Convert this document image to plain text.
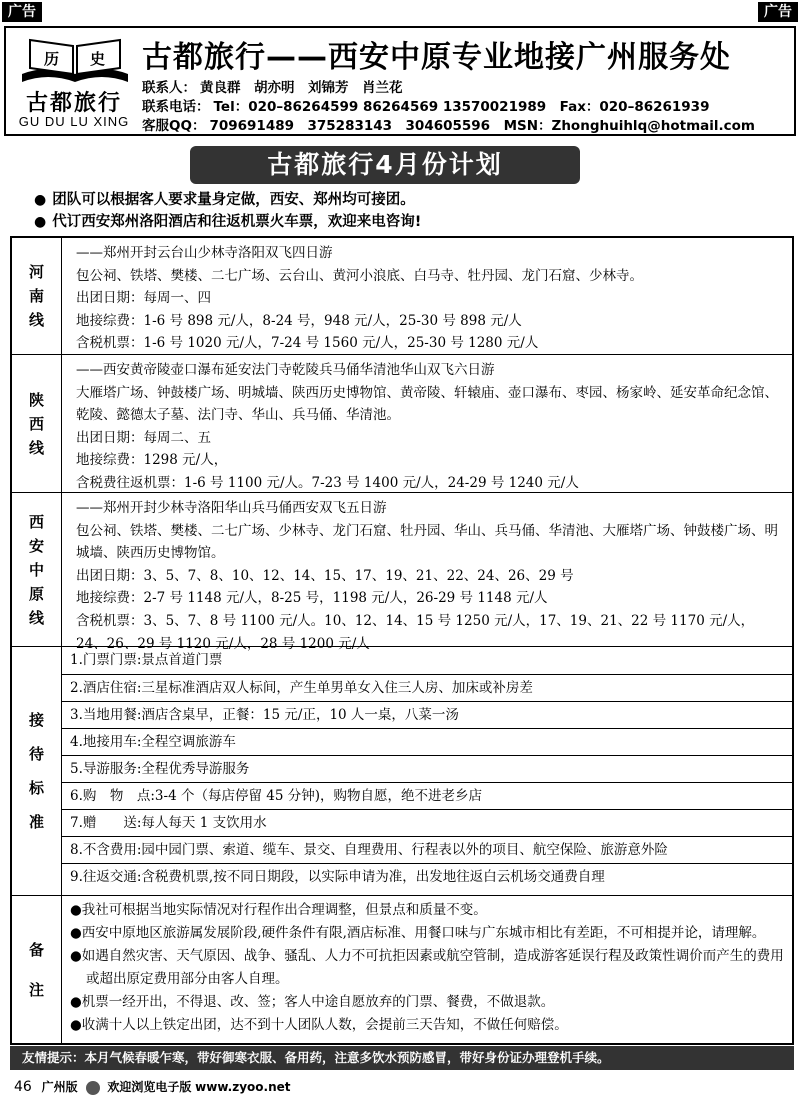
广告	广告
历 史
古都旅行
GU DU LU XING
古都旅行——西安中原专业地接广州服务处
联系人： 黄良群　胡亦明　刘锦芳　肖兰花
联系电话： Tel：020–86264599 86264569 13570021989　Fax：020–86261939
客服QQ： 709691489　375283143　304605596　MSN：Zhonghuihlq@hotmail.com
古都旅行4月份计划
● 团队可以根据客人要求量身定做，西安、郑州均可接团。
● 代订西安郑州洛阳酒店和往返机票火车票，欢迎来电咨询!
河
南
线
——郑州开封云台山少林寺洛阳双飞四日游
包公祠、铁塔、樊楼、二七广场、云台山、黄河小浪底、白马寺、牡丹园、龙门石窟、少林寺。
出团日期：每周一、四
地接综费：1-6 号 898 元/人，8-24 号，948 元/人，25-30 号 898 元/人
含税机票：1-6 号 1020 元/人，7-24 号 1560 元/人，25-30 号 1280 元/人
陕
西
线
——西安黄帝陵壶口瀑布延安法门寺乾陵兵马俑华清池华山双飞六日游
大雁塔广场、钟鼓楼广场、明城墙、陕西历史博物馆、黄帝陵、轩辕庙、壶口瀑布、枣园、杨家岭、延安革命纪念馆、乾陵、懿德太子墓、法门寺、华山、兵马俑、华清池。
出团日期：每周二、五
地接综费：1298 元/人，
含税费往返机票：1-6 号 1100 元/人。7-23 号 1400 元/人，24-29 号 1240 元/人
西
安
中
原
线
——郑州开封少林寺洛阳华山兵马俑西安双飞五日游
包公祠、铁塔、樊楼、二七广场、少林寺、龙门石窟、牡丹园、华山、兵马俑、华清池、大雁塔广场、钟鼓楼广场、明城墙、陕西历史博物馆。
出团日期：3、5、7、8、10、12、14、15、17、19、21、22、24、26、29 号
地接综费：2-7 号 1148 元/人，8-25 号，1198 元/人，26-29 号 1148 元/人
含税机票：3、5、7、8 号 1100 元/人。10、12、14、15 号 1250 元/人，17、19、21、22 号 1170 元/人，24、26、29 号 1120 元/人，28 号 1200 元/人
接
待
标
准
1.门票门票:景点首道门票
2.酒店住宿:三星标准酒店双人标间，产生单男单女入住三人房、加床或补房差
3.当地用餐:酒店含桌早，正餐：15 元/正，10 人一桌，八菜一汤
4.地接用车:全程空调旅游车
5.导游服务:全程优秀导游服务
6.购　物　点:3-4 个（每店停留 45 分钟)，购物自愿，绝不进老乡店
7.赠　　送:每人每天 1 支饮用水
8.不含费用:园中园门票、索道、缆车、景交、自理费用、行程表以外的项目、航空保险、旅游意外险
9.往返交通:含税费机票,按不同日期段，以实际申请为准，出发地往返白云机场交通费自理
备
注
●我社可根据当地实际情况对行程作出合理调整，但景点和质量不变。
●西安中原地区旅游属发展阶段,硬件条件有限,酒店标准、用餐口味与广东城市相比有差距，不可相提并论，请理解。
●如遇自然灾害、天气原因、战争、骚乱、人力不可抗拒因素或航空管制，造成游客延误行程及政策性调价而产生的费用或超出原定费用部分由客人自理。
●机票一经开出，不得退、改、签；客人中途自愿放弃的门票、餐费，不做退款。
●收满十人以上铁定出团，达不到十人团队人数，会提前三天告知，不做任何赔偿。
友情提示：本月气候春暖乍寒，带好御寒衣服、备用药，注意多饮水预防感冒，带好身份证办理登机手续。
46 广州版 欢迎浏览电子版 www.zyoo.net
